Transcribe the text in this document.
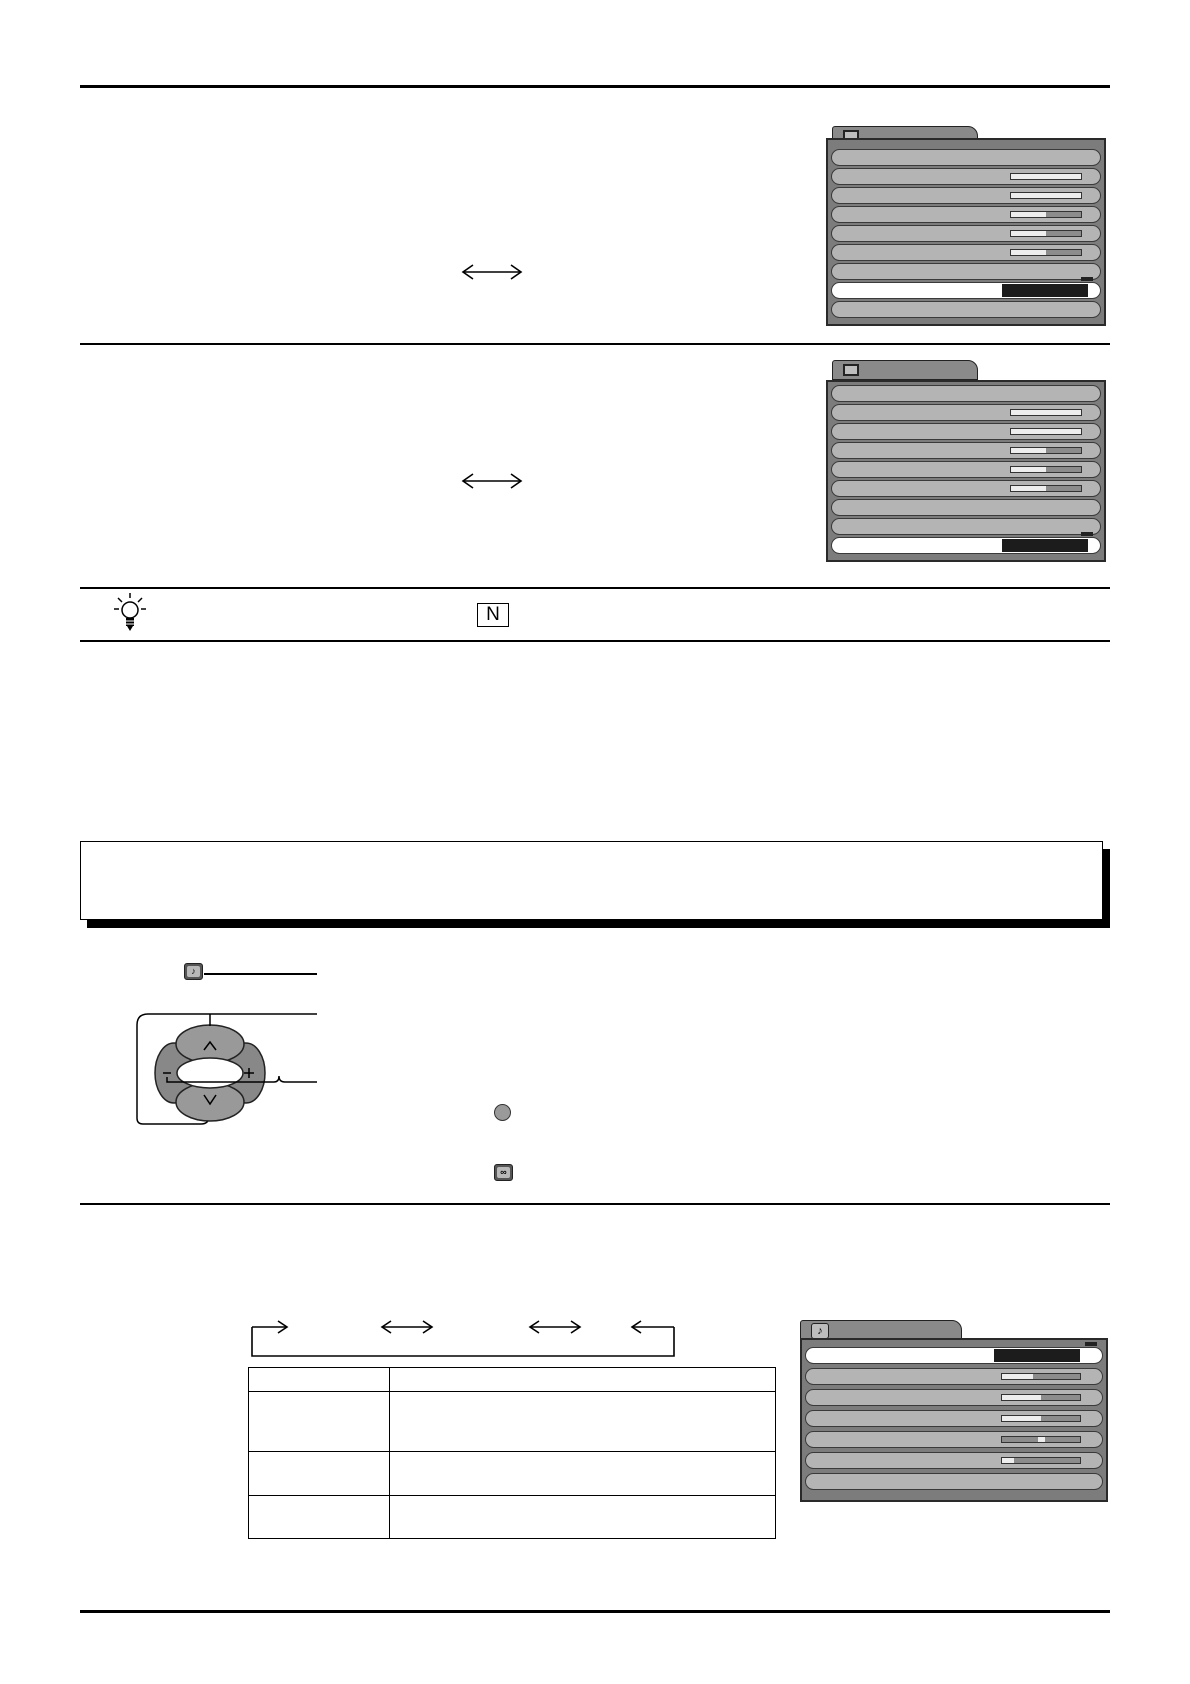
N
♪
∞

♪
